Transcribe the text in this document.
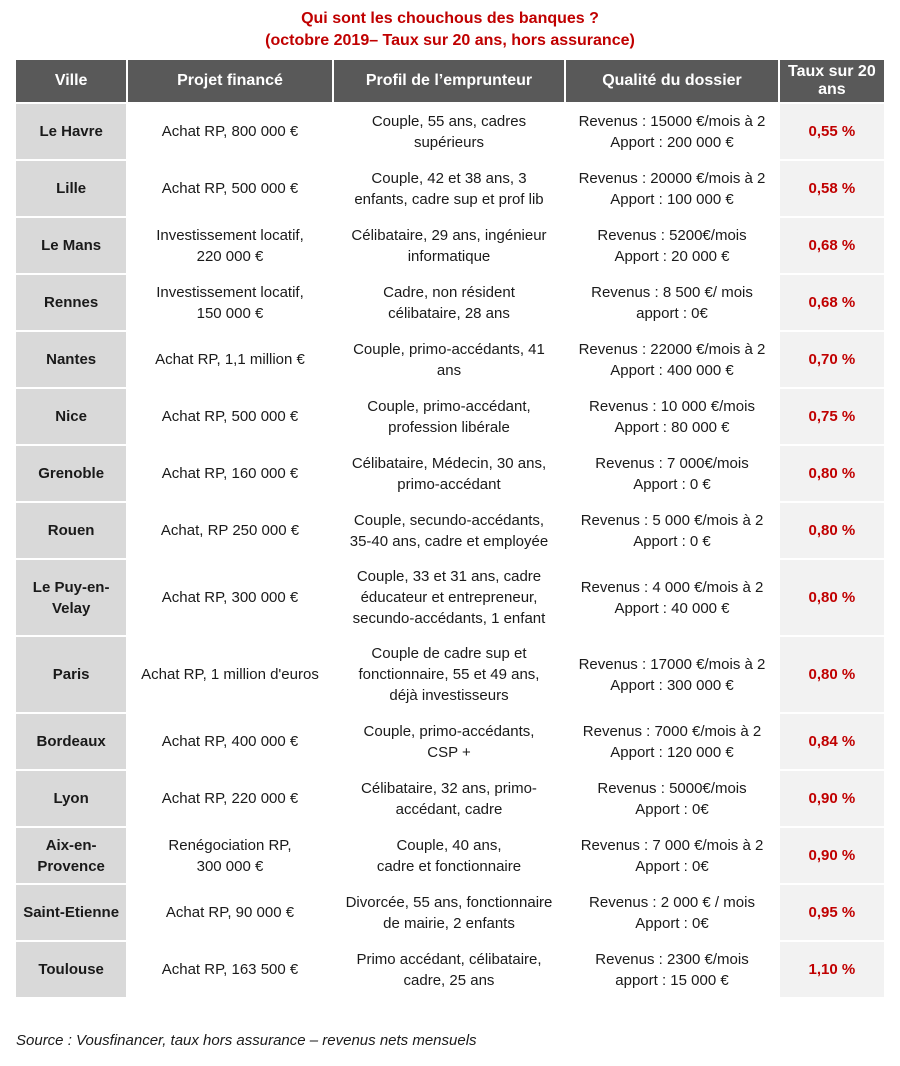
Qui sont les chouchous des banques ?
(octobre 2019– Taux sur 20 ans, hors assurance)
Ville	Projet financé	Profil de l’emprunteur	Qualité du dossier	Taux sur 20 ans

Le Havre	Achat RP, 800 000 €	Couple, 55 ans, cadres
supérieurs	Revenus : 15000 €/mois à 2
Apport : 200 000 €	0,55 %

Lille	Achat RP, 500 000 €	Couple, 42 et 38 ans, 3
enfants, cadre sup et prof lib	Revenus : 20000 €/mois à 2
Apport : 100 000 €	0,58 %

Le Mans	Investissement locatif,
220 000 €	Célibataire, 29 ans, ingénieur
informatique	Revenus : 5200€/mois
Apport : 20 000 €	0,68 %

Rennes	Investissement locatif,
150 000 €	Cadre, non résident
célibataire, 28 ans	Revenus : 8 500 €/ mois
apport : 0€	0,68 %

Nantes	Achat RP, 1,1 million €	Couple, primo-accédants, 41
ans	Revenus : 22000 €/mois à 2
Apport : 400 000 €	0,70 %

Nice	Achat RP, 500 000 €	Couple, primo-accédant,
profession libérale	Revenus : 10 000 €/mois
Apport : 80 000 €	0,75 %

Grenoble	Achat RP, 160 000 €	Célibataire, Médecin, 30 ans,
primo-accédant	Revenus : 7 000€/mois
Apport : 0 €	0,80 %

Rouen	Achat, RP 250 000 €	Couple, secundo-accédants,
35-40 ans, cadre et employée	Revenus : 5 000 €/mois à 2
Apport : 0 €	0,80 %

Le Puy-en-
Velay	Achat RP, 300 000 €	Couple, 33 et 31 ans, cadre
éducateur et entrepreneur,
secundo-accédants, 1 enfant	Revenus : 4 000 €/mois à 2
Apport : 40 000 €	0,80 %

Paris	Achat RP, 1 million d'euros	Couple de cadre sup et
fonctionnaire, 55 et 49 ans,
déjà investisseurs	Revenus : 17000 €/mois à 2
Apport : 300 000 €	0,80 %

Bordeaux	Achat RP, 400 000 €	Couple, primo-accédants,
CSP +	Revenus : 7000 €/mois à 2
Apport : 120 000 €	0,84 %

Lyon	Achat RP, 220 000 €	Célibataire, 32 ans, primo-
accédant, cadre	Revenus : 5000€/mois
Apport : 0€	0,90 %

Aix-en-
Provence	Renégociation RP,
300 000 €	Couple, 40 ans,
cadre et fonctionnaire	Revenus : 7 000 €/mois à 2
Apport : 0€	0,90 %

Saint-Etienne	Achat RP, 90 000 €	Divorcée, 55 ans, fonctionnaire
de mairie, 2 enfants	Revenus : 2 000 € / mois
Apport : 0€	0,95 %

Toulouse	Achat RP, 163 500 €	Primo accédant, célibataire,
cadre, 25 ans	Revenus : 2300 €/mois
apport : 15 000 €	1,10 %
Source : Vousfinancer, taux hors assurance – revenus nets mensuels
